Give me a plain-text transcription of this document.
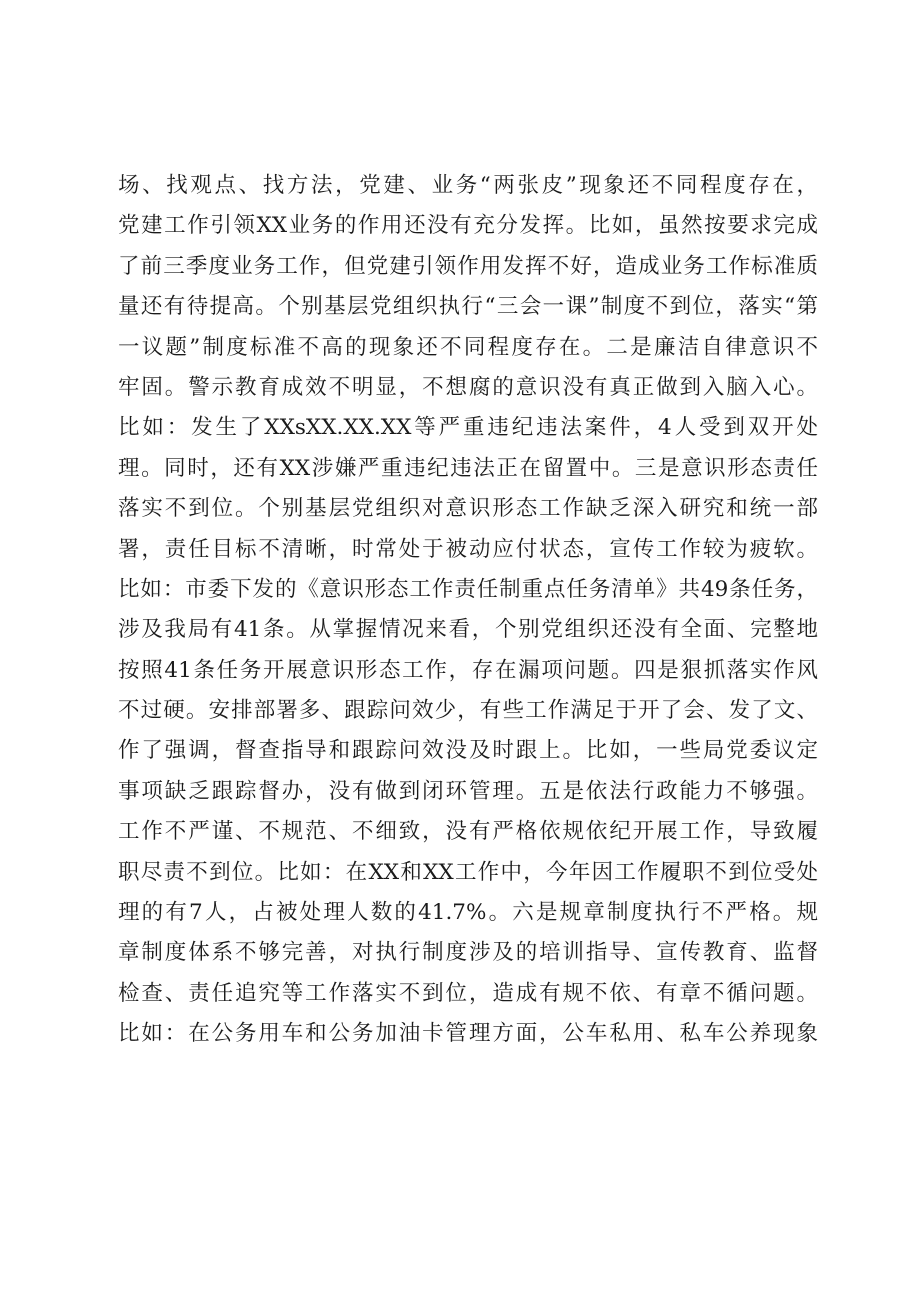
场、找观点、找方法，党建、业务“两张皮”现象还不同程度存在，
党建工作引领XX业务的作用还没有充分发挥。比如，虽然按要求完成
了前三季度业务工作，但党建引领作用发挥不好，造成业务工作标准质
量还有待提高。个别基层党组织执行“三会一课”制度不到位，落实“第
一议题”制度标准不高的现象还不同程度存在。二是廉洁自律意识不
牢固。警示教育成效不明显，不想腐的意识没有真正做到入脑入心。
比如：发生了XXsXX.XX.XX等严重违纪违法案件，4人受到双开处
理。同时，还有XX涉嫌严重违纪违法正在留置中。三是意识形态责任
落实不到位。个别基层党组织对意识形态工作缺乏深入研究和统一部
署，责任目标不清晰，时常处于被动应付状态，宣传工作较为疲软。
比如：市委下发的《意识形态工作责任制重点任务清单》共49条任务，
涉及我局有41条。从掌握情况来看，个别党组织还没有全面、完整地
按照41条任务开展意识形态工作，存在漏项问题。四是狠抓落实作风
不过硬。安排部署多、跟踪问效少，有些工作满足于开了会、发了文、
作了强调，督查指导和跟踪问效没及时跟上。比如，一些局党委议定
事项缺乏跟踪督办，没有做到闭环管理。五是依法行政能力不够强。
工作不严谨、不规范、不细致，没有严格依规依纪开展工作，导致履
职尽责不到位。比如：在XX和XX工作中，今年因工作履职不到位受处
理的有7人，占被处理人数的41.7%。六是规章制度执行不严格。规
章制度体系不够完善，对执行制度涉及的培训指导、宣传教育、监督
检查、责任追究等工作落实不到位，造成有规不依、有章不循问题。
比如：在公务用车和公务加油卡管理方面，公车私用、私车公养现象
